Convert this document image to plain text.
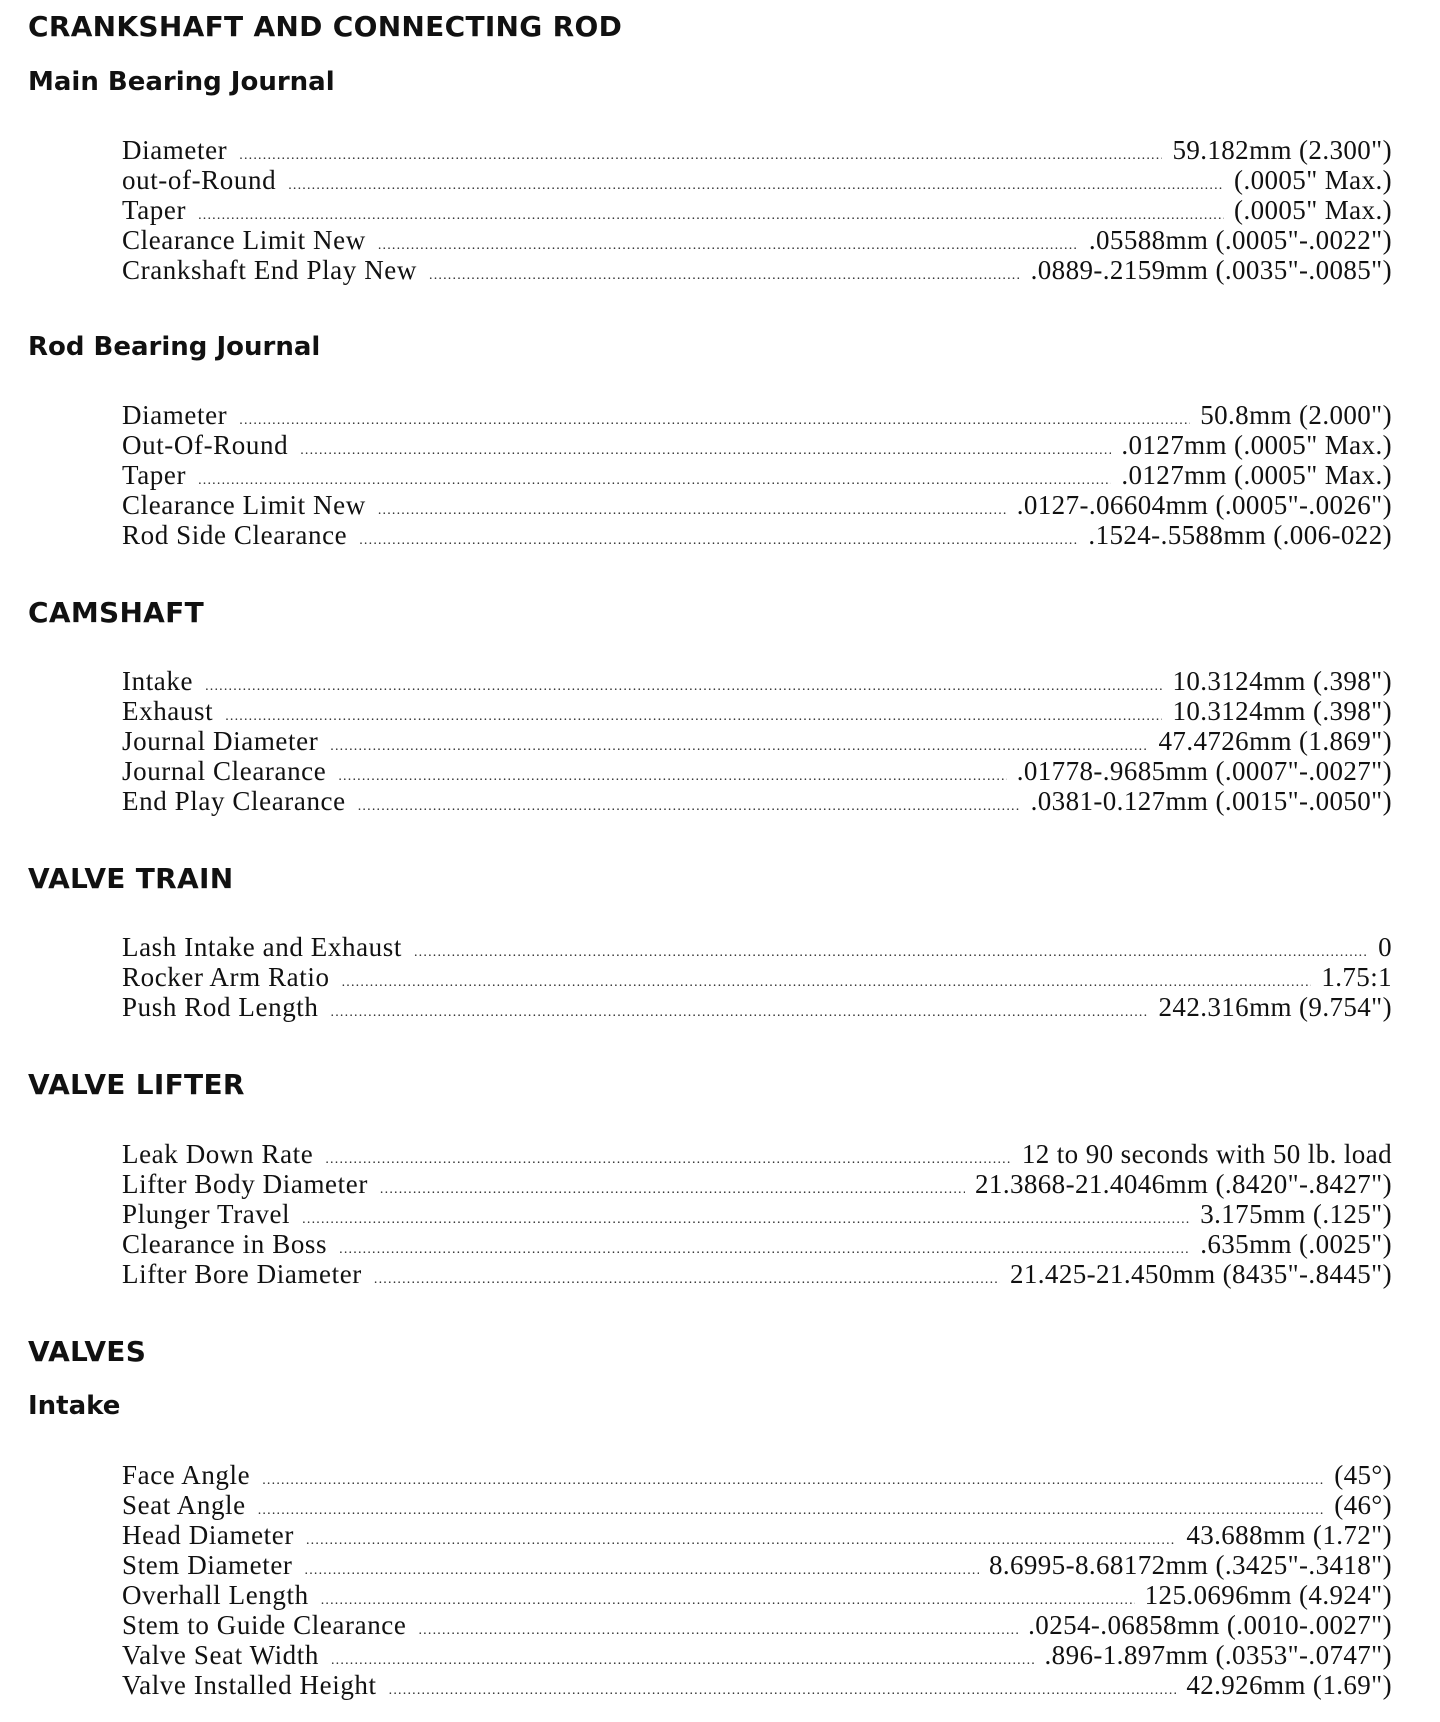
CRANKSHAFT AND CONNECTING ROD
Main Bearing Journal
Diameter .....	59.182mm (2.300")
out-of-Round .....	(.0005" Max.)
Taper .....	(.0005" Max.)
Clearance Limit New .....	.05588mm (.0005"-.0022")
Crankshaft End Play New .....	.0889-.2159mm (.0035"-.0085")
Rod Bearing Journal
Diameter .....	50.8mm (2.000")
Out-Of-Round .....	.0127mm (.0005" Max.)
Taper .....	.0127mm (.0005" Max.)
Clearance Limit New .....	.0127-.06604mm (.0005"-.0026")
Rod Side Clearance .....	.1524-.5588mm (.006-022)
CAMSHAFT
Intake .....	10.3124mm (.398")
Exhaust .....	10.3124mm (.398")
Journal Diameter .....	47.4726mm (1.869")
Journal Clearance .....	.01778-.9685mm (.0007"-.0027")
End Play Clearance .....	.0381-0.127mm (.0015"-.0050")
VALVE TRAIN
Lash Intake and Exhaust .....	0
Rocker Arm Ratio .....	1.75:1
Push Rod Length .....	242.316mm (9.754")
VALVE LIFTER
Leak Down Rate .....	12 to 90 seconds with 50 lb. load
Lifter Body Diameter .....	21.3868-21.4046mm (.8420"-.8427")
Plunger Travel .....	3.175mm (.125")
Clearance in Boss .....	.635mm (.0025")
Lifter Bore Diameter .....	21.425-21.450mm (8435"-.8445")
VALVES
Intake
Face Angle .....	(45°)
Seat Angle .....	(46°)
Head Diameter .....	43.688mm (1.72")
Stem Diameter .....	8.6995-8.68172mm (.3425"-.3418")
Overhall Length .....	125.0696mm (4.924")
Stem to Guide Clearance .....	.0254-.06858mm (.0010-.0027")
Valve Seat Width .....	.896-1.897mm (.0353"-.0747")
Valve Installed Height .....	42.926mm (1.69")
